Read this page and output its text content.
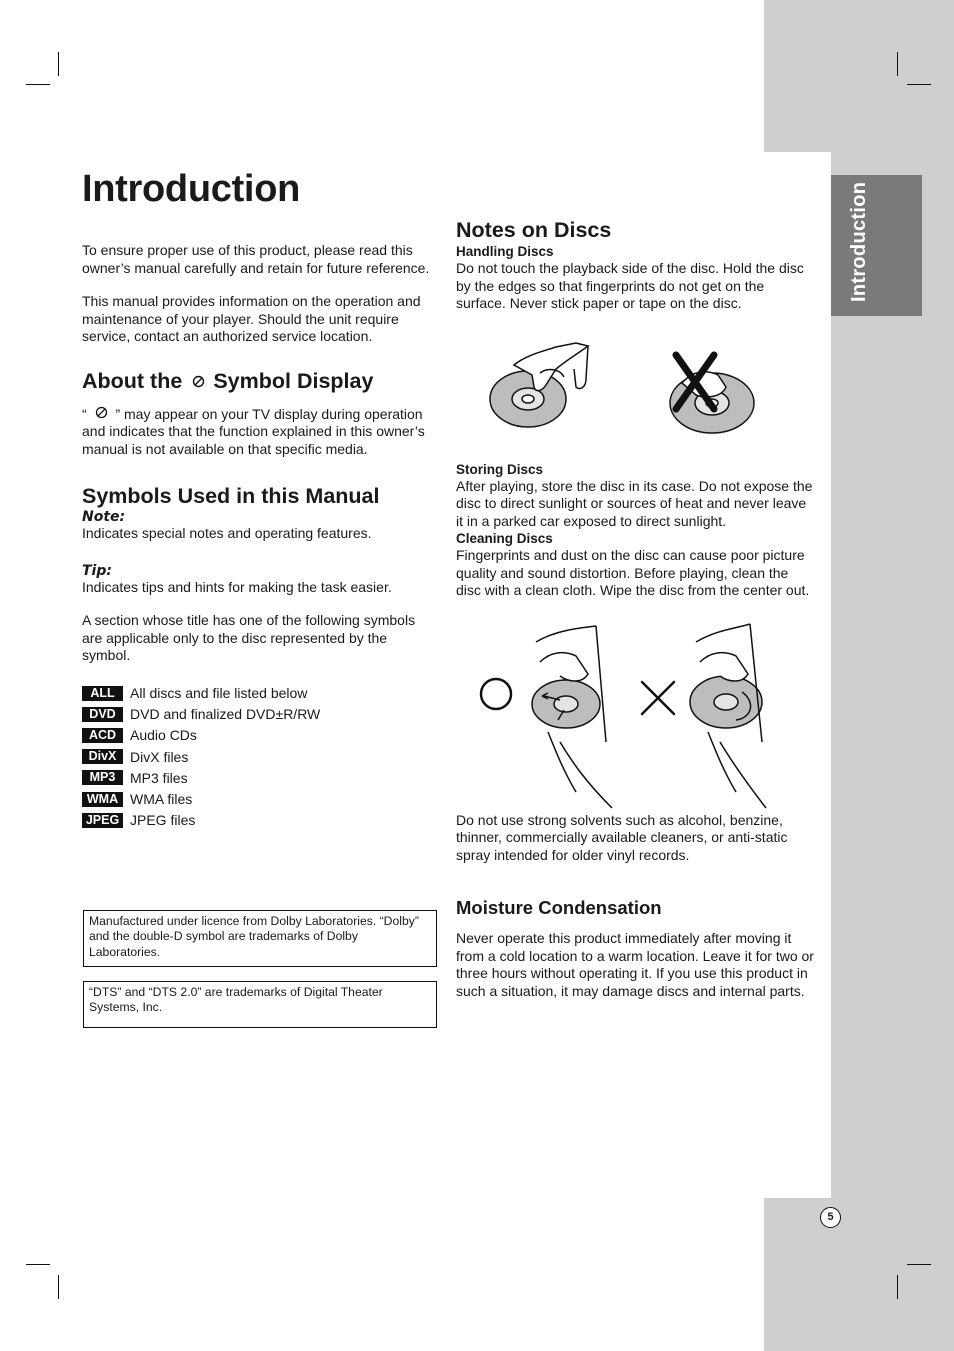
Introduction
5
Introduction

To ensure proper use of this product, please read this owner’s manual carefully and retain for future reference.

This manual provides information on the operation and maintenance of your player. Should the unit require service, contact an authorized service location.

About the Symbol Display

“ ” may appear on your TV display during operation and indicates that the function explained in this owner’s manual is not available on that specific media.

Symbols Used in this Manual
Note:

Indicates special notes and operating features.

Tip:

Indicates tips and hints for making the task easier.

A section whose title has one of the following symbols are applicable only to the disc represented by the symbol.

ALL	All discs and file listed below
DVD	DVD and finalized DVD±R/RW
ACD Audio CDs
DivX DivX files
MP3	MP3 files
WMA WMA files
JPEG JPEG files
Manufactured under licence from Dolby Laboratories. “Dolby” and the double-D symbol are trademarks of Dolby Laboratories.
“DTS” and “DTS 2.0” are trademarks of Digital Theater Systems, Inc.
Notes on Discs
Handling Discs

Do not touch the playback side of the disc. Hold the disc by the edges so that fingerprints do not get on the surface. Never stick paper or tape on the disc.

Storing Discs

After playing, store the disc in its case. Do not expose the disc to direct sunlight or sources of heat and never leave it in a parked car exposed to direct sunlight.

Cleaning Discs

Fingerprints and dust on the disc can cause poor picture quality and sound distortion. Before playing, clean the disc with a clean cloth. Wipe the disc from the center out.

Do not use strong solvents such as alcohol, benzine, thinner, commercially available cleaners, or anti-static spray intended for older vinyl records.

Moisture Condensation

Never operate this product immediately after moving it from a cold location to a warm location. Leave it for two or three hours without operating it. If you use this product in such a situation, it may damage discs and internal parts.
